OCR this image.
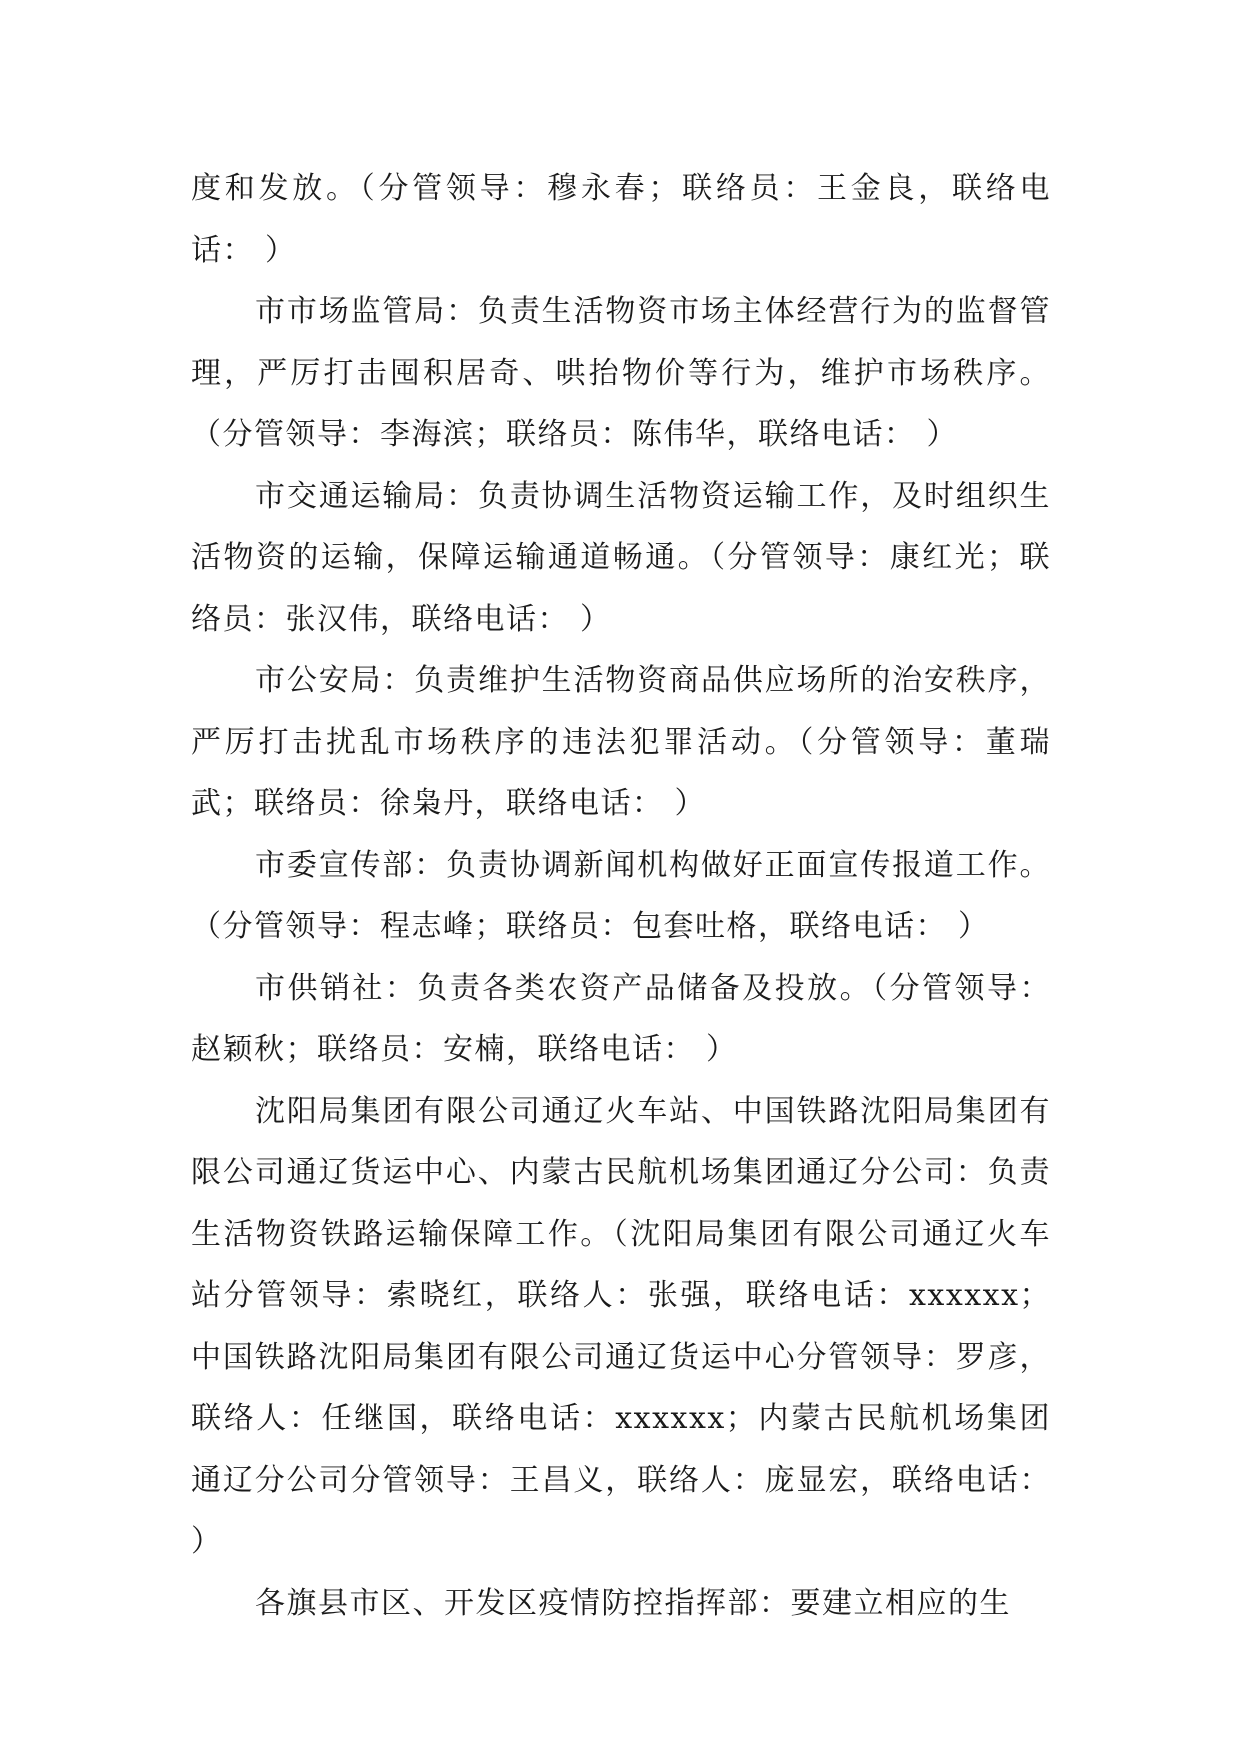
度和发放。（分管领导：穆永春；联络员：王金良，联络电话： ）

市市场监管局：负责生活物资市场主体经营行为的监督管理，严厉打击囤积居奇、哄抬物价等行为，维护市场秩序。（分管领导：李海滨；联络员：陈伟华，联络电话： ）

市交通运输局：负责协调生活物资运输工作，及时组织生活物资的运输，保障运输通道畅通。（分管领导：康红光；联络员：张汉伟，联络电话： ）

市公安局：负责维护生活物资商品供应场所的治安秩序，严厉打击扰乱市场秩序的违法犯罪活动。（分管领导：董瑞武；联络员：徐枭丹，联络电话： ）

市委宣传部：负责协调新闻机构做好正面宣传报道工作。（分管领导：程志峰；联络员：包套吐格，联络电话： ）

市供销社：负责各类农资产品储备及投放。（分管领导：赵颖秋；联络员：安楠，联络电话： ）

沈阳局集团有限公司通辽火车站、中国铁路沈阳局集团有限公司通辽货运中心、内蒙古民航机场集团通辽分公司：负责生活物资铁路运输保障工作。（沈阳局集团有限公司通辽火车站分管领导：索晓红，联络人：张强，联络电话：xxxxxx；中国铁路沈阳局集团有限公司通辽货运中心分管领导：罗彦，联络人：任继国，联络电话：xxxxxx；内蒙古民航机场集团通辽分公司分管领导：王昌义，联络人：庞显宏，联络电话： ）

各旗县市区、开发区疫情防控指挥部：要建立相应的生
